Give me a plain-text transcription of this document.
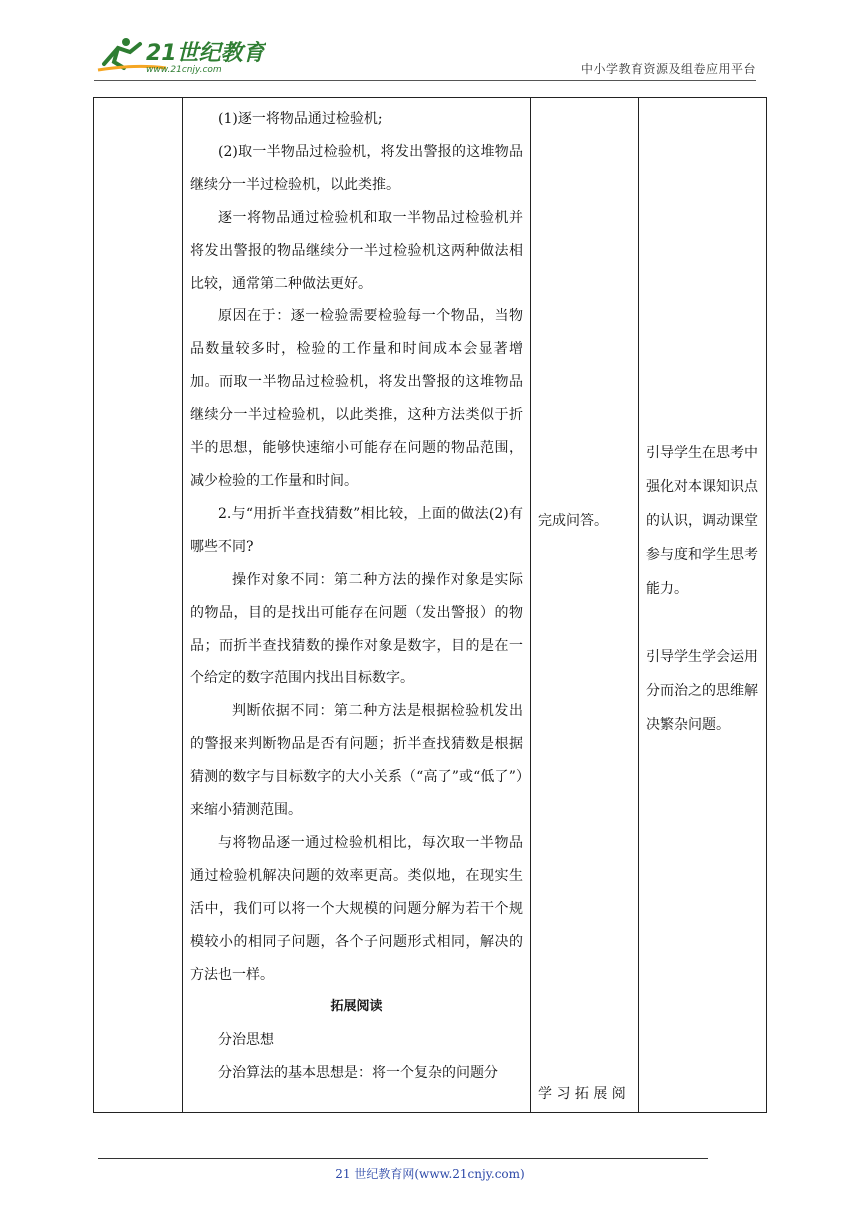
21世纪教育
www.21cnjy.com	中小学教育资源及组卷应用平台

(1)逐一将物品通过检验机;

(2)取一半物品过检验机，将发出警报的这堆物品继续分一半过检验机，以此类推。

逐一将物品通过检验机和取一半物品过检验机并将发出警报的物品继续分一半过检验机这两种做法相比较，通常第二种做法更好。

原因在于：逐一检验需要检验每一个物品，当物品数量较多时，检验的工作量和时间成本会显著增加。而取一半物品过检验机，将发出警报的这堆物品继续分一半过检验机，以此类推，这种方法类似于折半的思想，能够快速缩小可能存在问题的物品范围，减少检验的工作量和时间。

2.与“用折半查找猜数”相比较，上面的做法(2)有哪些不同?

操作对象不同：第二种方法的操作对象是实际的物品，目的是找出可能存在问题（发出警报）的物品；而折半查找猜数的操作对象是数字，目的是在一个给定的数字范围内找出目标数字。

判断依据不同：第二种方法是根据检验机发出的警报来判断物品是否有问题；折半查找猜数是根据猜测的数字与目标数字的大小关系（“高了”或“低了”）来缩小猜测范围。

与将物品逐一通过检验机相比，每次取一半物品通过检验机解决问题的效率更高。类似地，在现实生活中，我们可以将一个大规模的问题分解为若干个规模较小的相同子问题，各个子问题形式相同，解决的方法也一样。

拓展阅读

分治思想

分治算法的基本思想是：将一个复杂的问题分

完成问答。
学 习 拓 展 阅

引导学生在思考中强化对本课知识点的认识，调动课堂参与度和学生思考能力。

引导学生学会运用分而治之的思维解决繁杂问题。

21 世纪教育网(www.21cnjy.com)
